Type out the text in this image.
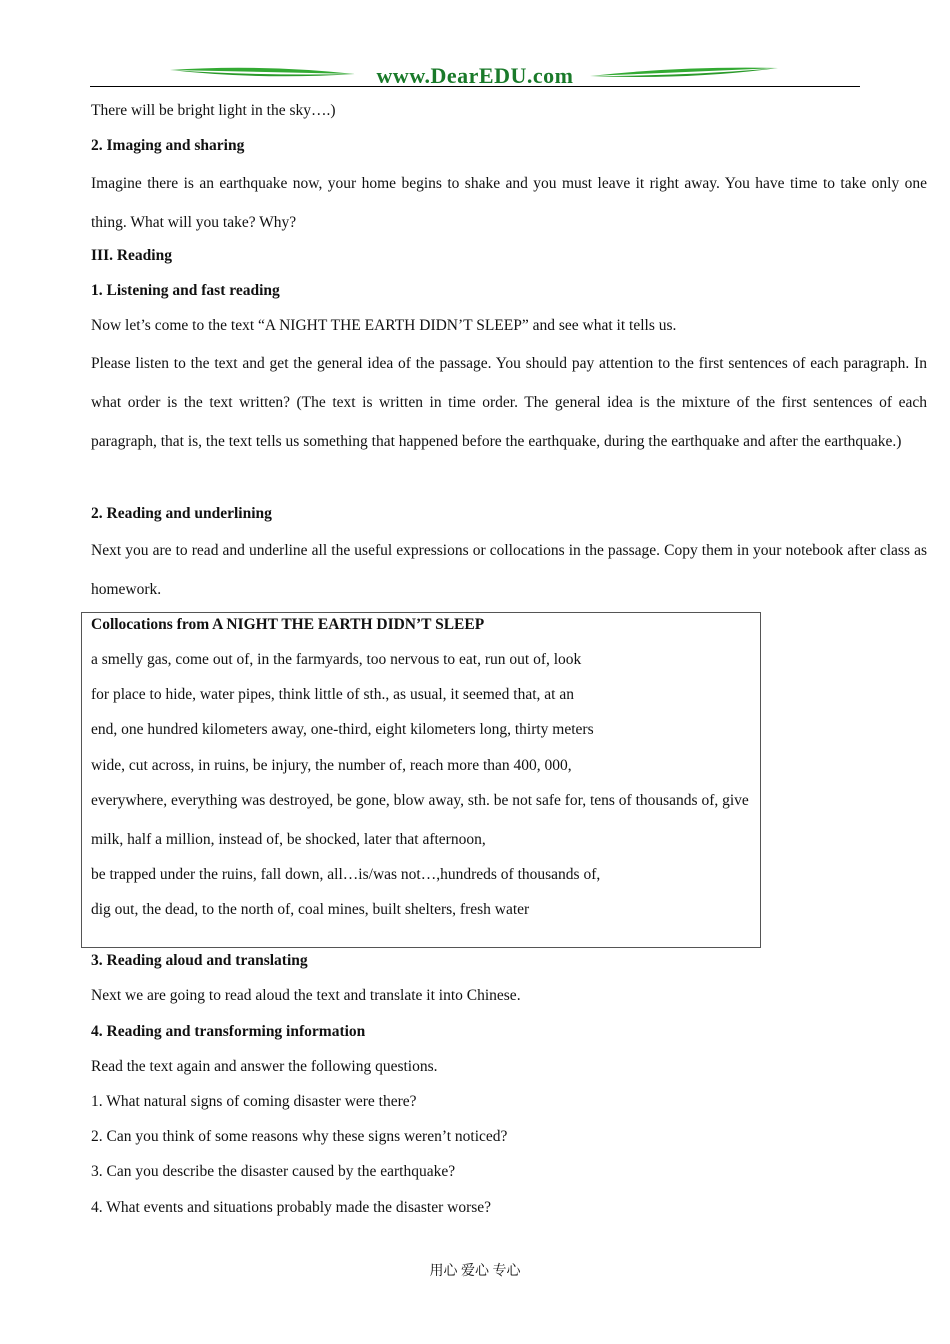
www.DearEDU.com
There will be bright light in the sky….)
2. Imaging and sharing
Imagine there is an earthquake now, your home begins to shake and you must leave it right away. You have time to take only one thing. What will you take? Why?
III. Reading
1. Listening and fast reading
Now let’s come to the text “A NIGHT THE EARTH DIDN’T SLEEP” and see what it tells us.
Please listen to the text and get the general idea of the passage. You should pay attention to the first sentences of each paragraph. In what order is the text written? (The text is written in time order. The general idea is the mixture of the first sentences of each paragraph, that is, the text tells us something that happened before the earthquake, during the earthquake and after the earthquake.)
2. Reading and underlining
Next you are to read and underline all the useful expressions or collocations in the passage. Copy them in your notebook after class as homework.
Collocations from A NIGHT THE EARTH DIDN’T SLEEP
a smelly gas, come out of, in the farmyards, too nervous to eat, run out of, look
for place to hide, water pipes, think little of sth., as usual, it seemed that, at an
end, one hundred kilometers away, one-third, eight kilometers long, thirty meters
wide, cut across, in ruins, be injury, the number of, reach more than 400, 000,
everywhere, everything was destroyed, be gone, blow away, sth. be not safe for, tens of thousands of, give
milk, half a million, instead of, be shocked, later that afternoon,
be trapped under the ruins, fall down, all…is/was not…,hundreds of thousands of,
dig out, the dead, to the north of, coal mines, built shelters, fresh water
3. Reading aloud and translating
Next we are going to read aloud the text and translate it into Chinese.
4. Reading and transforming information
Read the text again and answer the following questions.
1. What natural signs of coming disaster were there?
2. Can you think of some reasons why these signs weren’t noticed?
3. Can you describe the disaster caused by the earthquake?
4. What events and situations probably made the disaster worse?
用心 爱心 专心
